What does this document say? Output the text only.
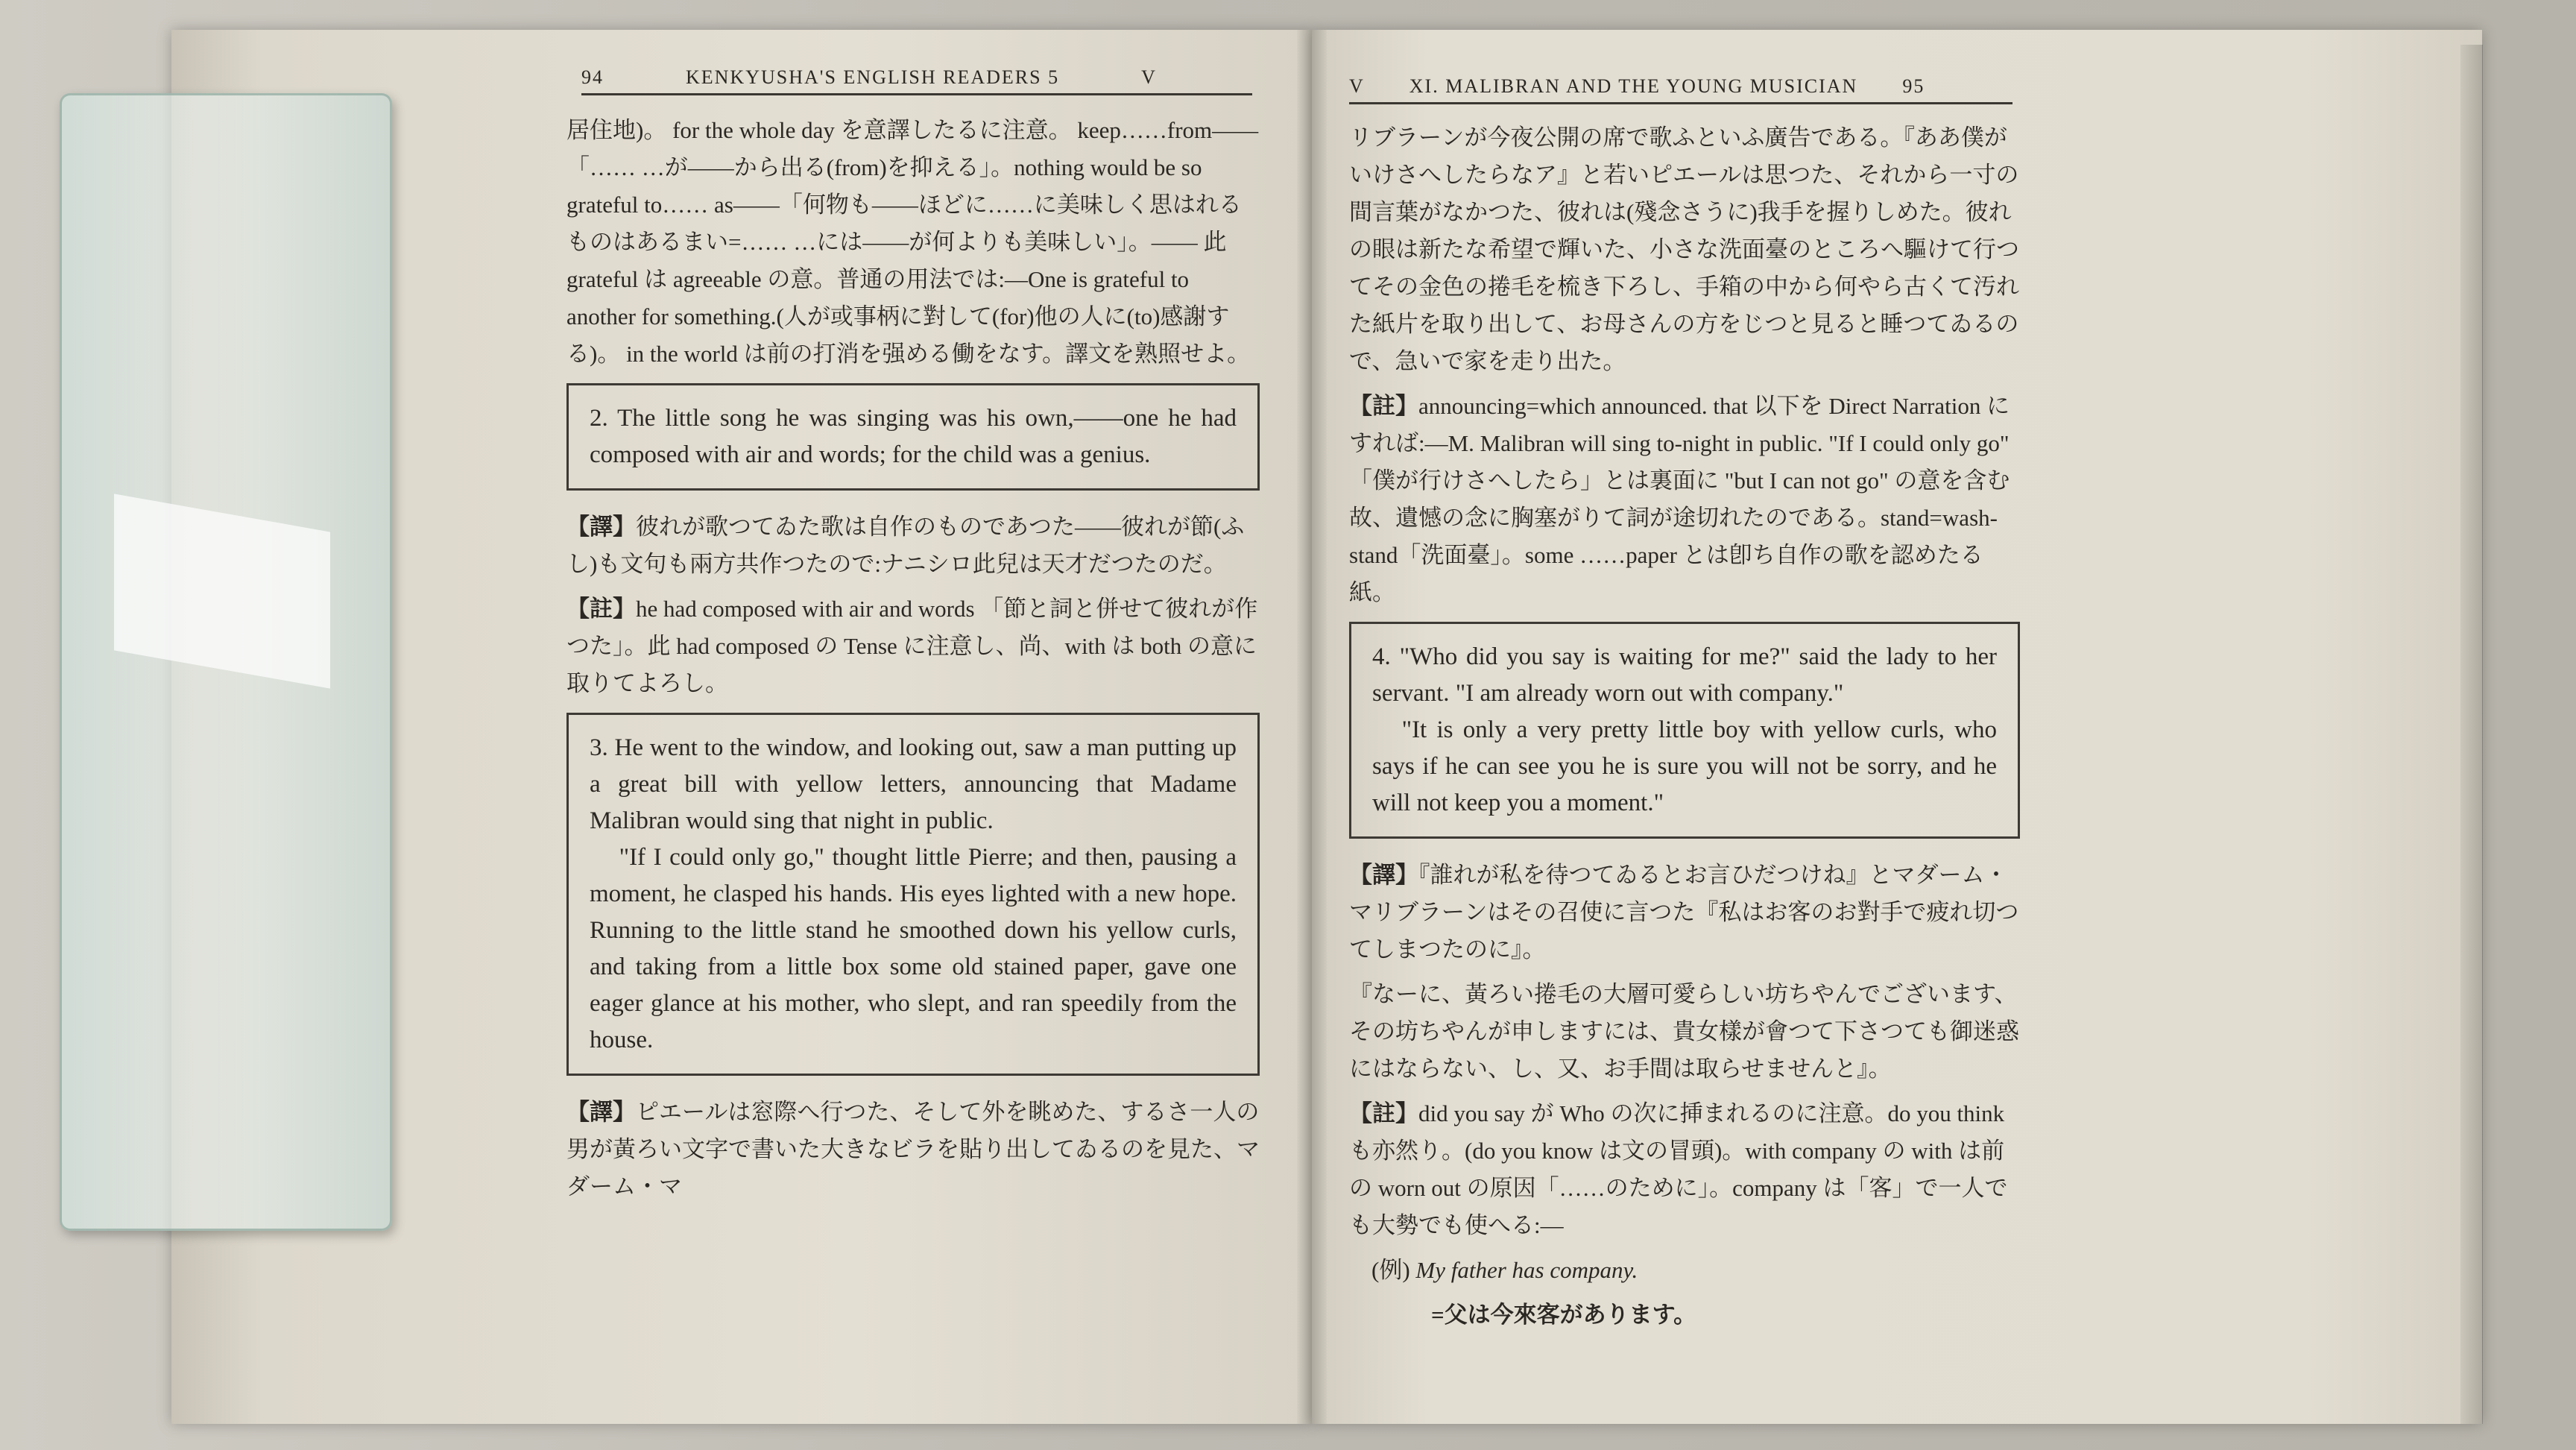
94	KENKYUSHA'S ENGLISH READERS 5	V	V XI. MALIBRAN AND THE YOUNG MUSICIAN 95

居住地)。 for the whole day を意譯したるに注意。 keep……from—— 「…… …が——から出る(from)を抑える」。nothing would be so grateful to…… as——「何物も——ほどに……に美味しく思はれるものはあるまい=…… …には——が何よりも美味しい」。—— 此 grateful は agreeable の意。普通の用法では:—One is grateful to another for something.(人が或事柄に對して(for)他の人に(to)感謝する)。 in the world は前の打消を强める働をなす。譯文を熟照せよ。

2. The little song he was singing was his own,——one he had composed with air and words; for the child was a genius.

【譯】彼れが歌つてゐた歌は自作のものであつた——彼れが節(ふし)も文句も兩方共作つたので:ナニシロ此兒は天才だつたのだ。

【註】he had composed with air and words 「節と詞と併せて彼れが作つた」。此 had composed の Tense に注意し、尚、with は both の意に取りてよろし。

3. He went to the window, and looking out, saw a man putting up a great bill with yellow letters, announcing that Madame Malibran would sing that night in public.
"If I could only go," thought little Pierre; and then, pausing a moment, he clasped his hands. His eyes lighted with a new hope. Running to the little stand he smoothed down his yellow curls, and taking from a little box some old stained paper, gave one eager glance at his mother, who slept, and ran speedily from the house.

【譯】ピエールは窓際へ行つた、そして外を眺めた、するさ一人の男が黃ろい文字で書いた大きなビラを貼り出してゐるのを見た、マダーム・マ

リブラーンが今夜公開の席で歌ふといふ廣告である。『ああ僕がいけさへしたらなア』と若いピエールは思つた、それから一寸の間言葉がなかつた、彼れは(殘念さうに)我手を握りしめた。彼れの眼は新たな希望で輝いた、小さな洗面臺のところへ驅けて行つてその金色の捲毛を梳き下ろし、手箱の中から何やら古くて汚れた紙片を取り出して、お母さんの方をじつと見ると睡つてゐるので、急いで家を走り出た。

【註】announcing=which announced. that 以下を Direct Narration にすれば:—M. Malibran will sing to-night in public. "If I could only go" 「僕が行けさへしたら」とは裏面に "but I can not go" の意を含む故、遺憾の念に胸塞がりて詞が途切れたのである。stand=wash-stand「洗面臺」。some ……paper とは卽ち自作の歌を認めたる紙。

4. "Who did you say is waiting for me?" said the lady to her servant. "I am already worn out with company."
"It is only a very pretty little boy with yellow curls, who says if he can see you he is sure you will not be sorry, and he will not keep you a moment."

【譯】『誰れが私を待つてゐるとお言ひだつけね』とマダーム・マリブラーンはその召使に言つた『私はお客のお對手で疲れ切つてしまつたのに』。

『なーに、黃ろい捲毛の大層可愛らしい坊ちやんでございます、その坊ちやんが申しますには、貴女樣が會つて下さつても御迷惑にはならない、し、又、お手間は取らせませんと』。

【註】did you say が Who の次に挿まれるのに注意。do you think も亦然り。(do you know は文の冒頭)。with company の with は前の worn out の原因「……のために」。company は「客」で一人でも大勢でも使へる:—

(例) My father has company.

=父は今來客があります。
